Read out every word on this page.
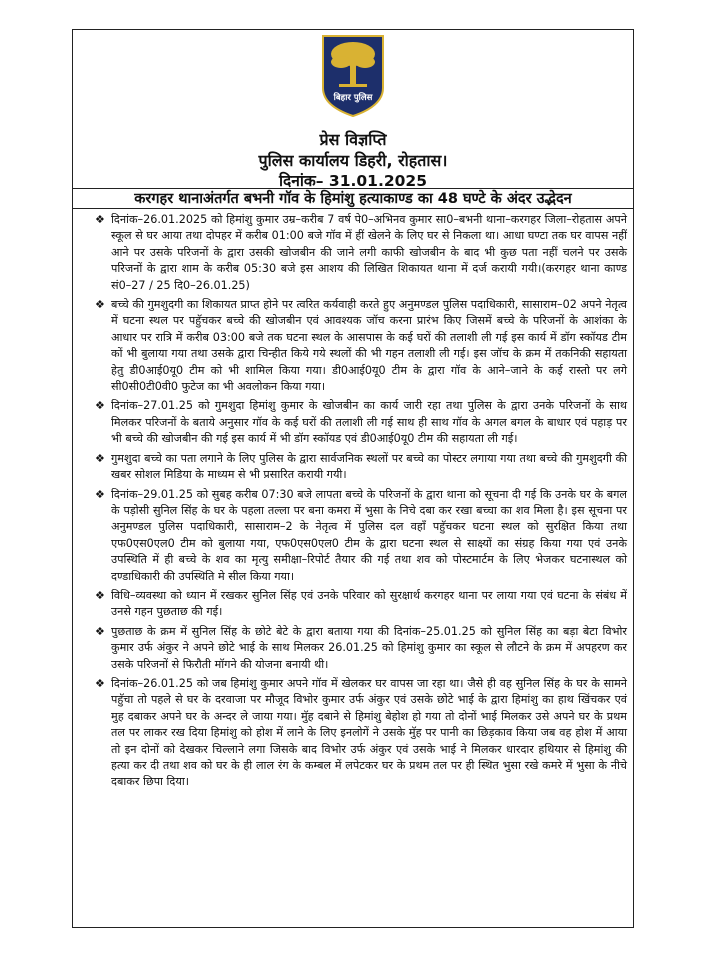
बिहार पुलिस
प्रेस विज्ञप्ति
पुलिस कार्यालय डिहरी, रोहतास।
दिनांक– 31.01.2025
करगहर थानाअंतर्गत बभनी गॉव के हिमांशु हत्याकाण्ड का 48 घण्टे के अंदर उद्भेदन
❖ दिनांक–26.01.2025 को हिमांशु कुमार उम्र–करीब 7 वर्ष पे0–अभिनव कुमार सा0–बभनी थाना–करगहर जिला–रोहतास अपने स्कूल से घर आया तथा दोपहर में करीब 01:00 बजे गॉव में हीं खेलने के लिए घर से निकला था। आधा घण्टा तक घर वापस नहीं आने पर उसके परिजनों के द्वारा उसकी खोजबीन की जाने लगी काफी खोजबीन के बाद भी कुछ पता नहीं चलने पर उसके परिजनों के द्वारा शाम के करीब 05:30 बजे इस आशय की लिखित शिकायत थाना में दर्ज करायी गयी।(करगहर थाना काण्ड सं0–27 / 25 दि0–26.01.25)
❖ बच्चे की गुमशुदगी का शिकायत प्राप्त होने पर त्वरित कर्यवाही करते हुए अनुमण्डल पुलिस पदाधिकारी, सासाराम–02 अपने नेतृत्व में घटना स्थल पर पहुॅचकर बच्चे की खोजबीन एवं आवश्यक जॉच करना प्रारंभ किए जिसमें बच्चे के परिजनों के आशंका के आधार पर रात्रि में करीब 03:00 बजे तक घटना स्थल के आसपास के कई घरों की तलाशी ली गई इस कार्य में डॉग स्कॉयड टीम कों भी बुलाया गया तथा उसके द्वारा चिन्हीत किये गये स्थलों की भी गहन तलाशी ली गई। इस जॉच के क्रम में तकनिकी सहायता हेतु डी0आई0यू0 टीम को भी शामिल किया गया। डी0आई0यू0 टीम के द्वारा गॉव के आने–जाने के कई रास्तो पर लगे सी0सी0टी0वी0 फुटेज का भी अवलोकन किया गया।
❖ दिनांक–27.01.25 को गुमशुदा हिमांशु कुमार के खोजबीन का कार्य जारी रहा तथा पुलिस के द्वारा उनके परिजनों के साथ मिलकर परिजनों के बताये अनुसार गॉव के कई घरों की तलाशी ली गई साथ ही साथ गॉव के अगल बगल के बाधार एवं पहाड़ पर भी बच्चे की खोजबीन की गई इस कार्य में भी डॉग स्कॉयड एवं डी0आई0यू0 टीम की सहायता ली गई।
❖ गुमशुदा बच्चे का पता लगाने के लिए पुलिस के द्वारा सार्वजनिक स्थलों पर बच्चे का पोस्टर लगाया गया तथा बच्चे की गुमशुदगी की खबर सोशल मिडिया के माध्यम से भी प्रसारित करायी गयी।
❖ दिनांक–29.01.25 को सुबह करीब 07:30 बजे लापता बच्चे के परिजनों के द्वारा थाना को सूचना दी गई कि उनके घर के बगल के पड़ोसी सुनिल सिंह के घर के पहला तल्ला पर बना कमरा में भुसा के निचे दबा कर रखा बच्चा का शव मिला है। इस सूचना पर अनुमण्डल पुलिस पदाधिकारी, सासाराम–2 के नेतृत्व में पुलिस दल वहॉं पहुॅचकर घटना स्थल को सुरक्षित किया तथा एफ0एस0एल0 टीम को बुलाया गया, एफ0एस0एल0 टीम के द्वारा घटना स्थल से साक्ष्यों का संग्रह किया गया एवं उनके उपस्थिति में ही बच्चे के शव का मृत्यु समीक्षा–रिपोर्ट तैयार की गई तथा शव को पोस्टमार्टम के लिए भेजकर घटनास्थल को दण्डाधिकारी की उपस्थिति मे सील किया गया।
❖ विधि–व्यवस्था को ध्यान में रखकर सुनिल सिंह एवं उनके परिवार को सुरक्षार्थ करगहर थाना पर लाया गया एवं घटना के संबंध में उनसे गहन पुछताछ की गई।
❖ पुछताछ के क्रम में सुनिल सिंह के छोटे बेटे के द्वारा बताया गया की दिनांक–25.01.25 को सुनिल सिंह का बड़ा बेटा विभोर कुमार उर्फ अंकुर ने अपने छोटे भाई के साथ मिलकर 26.01.25 को हिमांशु कुमार का स्कूल से लौटने के क्रम में अपहरण कर उसके परिजनों से फिरौती मॉगने की योजना बनायी थी।
❖ दिनांक–26.01.25 को जब हिमांशु कुमार अपने गॉव में खेलकर घर वापस जा रहा था। जैसे ही वह सुनिल सिंह के घर के सामने पहुॅचा तो पहले से घर के दरवाजा पर मौजूद विभोर कुमार उर्फ अंकुर एवं उसके छोटे भाई के द्वारा हिमांशु का हाथ खिंचकर एवं मुह दबाकर अपने घर के अन्दर ले जाया गया। मुॅह दबाने से हिमांशु बेहोश हो गया तो दोनों भाई मिलकर उसे अपने घर के प्रथम तल पर लाकर रख दिया हिमांशु को होश में लाने के लिए इनलोगें ने उसके मुॅह पर पानी का छिड़काव किया जब वह होश में आया तो इन दोनों को देखकर चिल्लाने लगा जिसके बाद विभोर उर्फ अंकुर एवं उसके भाई ने मिलकर धारदार हथियार से हिमांशु की हत्या कर दी तथा शव को घर के ही लाल रंग के कम्बल में लपेटकर घर के प्रथम तल पर ही स्थित भुसा रखे कमरे में भुसा के नीचे दबाकर छिपा दिया।
